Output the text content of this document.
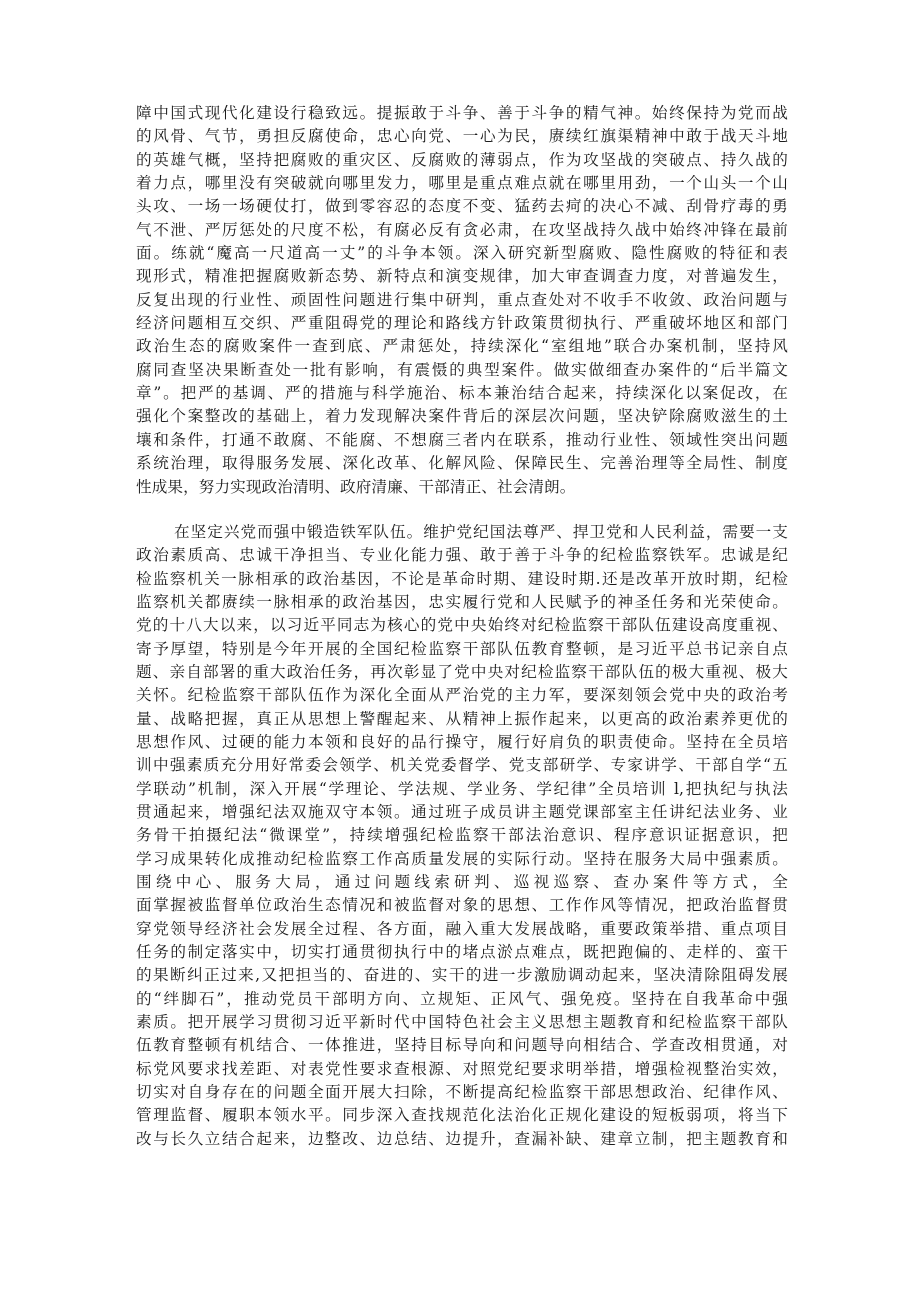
障中国式现代化建设行稳致远。提振敢于斗争、善于斗争的精气神。始终保持为党而战
的风骨、气节，勇担反腐使命，忠心向党、一心为民，赓续红旗渠精神中敢于战天斗地
的英雄气概，坚持把腐败的重灾区、反腐败的薄弱点，作为攻坚战的突破点、持久战的
着力点，哪里没有突破就向哪里发力，哪里是重点难点就在哪里用劲，一个山头一个山
头攻、一场一场硬仗打，做到零容忍的态度不变、猛药去疴的决心不减、刮骨疗毒的勇
气不泄、严厉惩处的尺度不松，有腐必反有贪必肃，在攻坚战持久战中始终冲锋在最前
面。练就“魔高一尺道高一丈”的斗争本领。深入研究新型腐败、隐性腐败的特征和表
现形式，精准把握腐败新态势、新特点和演变规律，加大审查调查力度，对普遍发生，
反复出现的行业性、顽固性问题进行集中研判，重点查处对不收手不收敛、政治问题与
经济问题相互交织、严重阻碍党的理论和路线方针政策贯彻执行、严重破坏地区和部门
政治生态的腐败案件一查到底、严肃惩处，持续深化“室组地”联合办案机制，坚持风
腐同查坚决果断查处一批有影响，有震慑的典型案件。做实做细查办案件的“后半篇文
章”。把严的基调、严的措施与科学施治、标本兼治结合起来，持续深化以案促改，在
强化个案整改的基础上，着力发现解决案件背后的深层次问题，坚决铲除腐败滋生的土
壤和条件，打通不敢腐、不能腐、不想腐三者内在联系，推动行业性、领域性突出问题
系统治理，取得服务发展、深化改革、化解风险、保障民生、完善治理等全局性、制度
性成果，努力实现政治清明、政府清廉、干部清正、社会清朗。
在坚定兴党而强中锻造铁军队伍。维护党纪国法尊严、捍卫党和人民利益，需要一支
政治素质高、忠诚干净担当、专业化能力强、敢于善于斗争的纪检监察铁军。忠诚是纪
检监察机关一脉相承的政治基因，不论是革命时期、建设时期.还是改革开放时期，纪检
监察机关都赓续一脉相承的政治基因，忠实履行党和人民赋予的神圣任务和光荣使命。
党的十八大以来，以习近平同志为核心的党中央始终对纪检监察干部队伍建设高度重视、
寄予厚望，特别是今年开展的全国纪检监察干部队伍教育整顿，是习近平总书记亲自点
题、亲自部署的重大政治任务，再次彰显了党中央对纪检监察干部队伍的极大重视、极大
关怀。纪检监察干部队伍作为深化全面从严治党的主力军，要深刻领会党中央的政治考
量、战略把握，真正从思想上警醒起来、从精神上振作起来，以更高的政治素养更优的
思想作风、过硬的能力本领和良好的品行操守，履行好肩负的职责使命。坚持在全员培
训中强素质充分用好常委会领学、机关党委督学、党支部研学、专家讲学、干部自学“五
学联动”机制，深入开展“学理论、学法规、学业务、学纪律”全员培训 l,把执纪与执法
贯通起来，增强纪法双施双守本领。通过班子成员讲主题党课部室主任讲纪法业务、业
务骨干拍摄纪法“微课堂”，持续增强纪检监察干部法治意识、程序意识证据意识，把
学习成果转化成推动纪检监察工作高质量发展的实际行动。坚持在服务大局中强素质。
围绕中心、服务大局，通过问题线索研判、巡视巡察、查办案件等方式，全
面掌握被监督单位政治生态情况和被监督对象的思想、工作作风等情况，把政治监督贯
穿党领导经济社会发展全过程、各方面，融入重大发展战略，重要政策举措、重点项目
任务的制定落实中，切实打通贯彻执行中的堵点淤点难点，既把跑偏的、走样的、蛮干
的果断纠正过来,又把担当的、奋进的、实干的进一步激励调动起来，坚决清除阻碍发展
的“绊脚石”，推动党员干部明方向、立规矩、正风气、强免疫。坚持在自我革命中强
素质。把开展学习贯彻习近平新时代中国特色社会主义思想主题教育和纪检监察干部队
伍教育整顿有机结合、一体推进，坚持目标导向和问题导向相结合、学查改相贯通，对
标党风要求找差距、对表党性要求查根源、对照党纪要求明举措，增强检视整治实效，
切实对自身存在的问题全面开展大扫除，不断提高纪检监察干部思想政治、纪律作风、
管理监督、履职本领水平。同步深入查找规范化法治化正规化建设的短板弱项，将当下
改与长久立结合起来，边整改、边总结、边提升，查漏补缺、建章立制，把主题教育和
